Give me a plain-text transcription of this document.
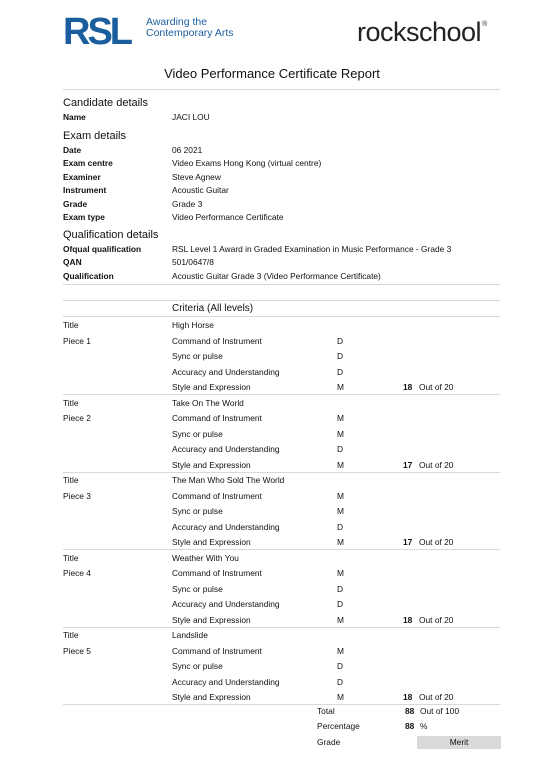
RSL Awarding the
Contemporary Arts	rockschool®
Video Performance Certificate Report
Candidate details
Name	JACI LOU
Exam details
Date	06 2021
Exam centre	Video Exams Hong Kong (virtual centre)
Examiner	Steve Agnew
Instrument	Acoustic Guitar
Grade	Grade 3
Exam type	Video Performance Certificate
Qualification details
Ofqual qualification	RSL Level 1 Award in Graded Examination in Music Performance - Grade 3
QAN	501/0647/8
Qualification	Acoustic Guitar Grade 3 (Video Performance Certificate)
Criteria (All levels)
Title	High Horse
Piece 1	Command of Instrument	D
Sync or pulse	D
Accuracy and Understanding	D
Style and Expression	M	18 Out of 20
Title	Take On The World
Piece 2	Command of Instrument	M
Sync or pulse	M
Accuracy and Understanding	D
Style and Expression	M	17 Out of 20
Title	The Man Who Sold The World
Piece 3	Command of Instrument	M
Sync or pulse	M
Accuracy and Understanding	D
Style and Expression	M	17 Out of 20
Title	Weather With You
Piece 4	Command of Instrument	M
Sync or pulse	D
Accuracy and Understanding	D
Style and Expression	M	18 Out of 20
Title	Landslide
Piece 5	Command of Instrument	M
Sync or pulse	D
Accuracy and Understanding	D
Style and Expression	M	18 Out of 20
Total	88 Out of 100
Percentage	88 %
Grade	Merit
